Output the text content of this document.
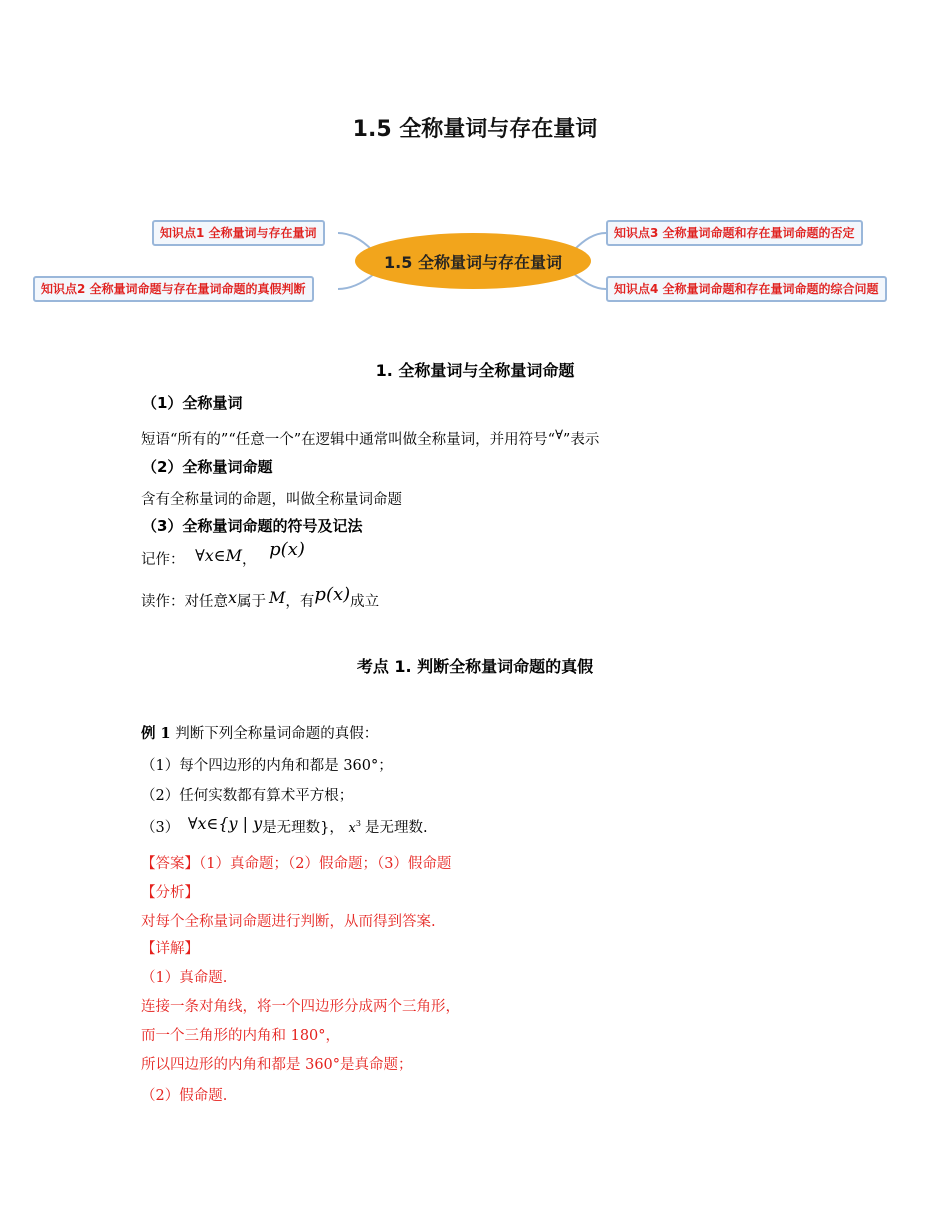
1.5 全称量词与存在量词
1.5 全称量词与存在量词
知识点1 全称量词与存在量词
知识点2 全称量词命题与存在量词命题的真假判断
知识点3 全称量词命题和存在量词命题的否定
知识点4 全称量词命题和存在量词命题的综合问题
1. 全称量词与全称量词命题
（1）全称量词
短语“所有的”“任意一个”在逻辑中通常叫做全称量词，并用符号“∀”表示
（2）全称量词命题
含有全称量词的命题，叫做全称量词命题
（3）全称量词命题的符号及记法
记作： ∀x∈M， p(x)
读作：对任意x属于 M，有p(x)成立
考点 1. 判断全称量词命题的真假
例 1 判断下列全称量词命题的真假：
（1）每个四边形的内角和都是 360°；
（2）任何实数都有算术平方根；
（3） ∀x∈{y | y是无理数}， $x^3$ 是无理数.
【答案】（1）真命题；（2）假命题；（3）假命题
【分析】
对每个全称量词命题进行判断，从而得到答案.
【详解】
（1）真命题.
连接一条对角线，将一个四边形分成两个三角形，
而一个三角形的内角和 180°，
所以四边形的内角和都是 360°是真命题；
（2）假命题.
